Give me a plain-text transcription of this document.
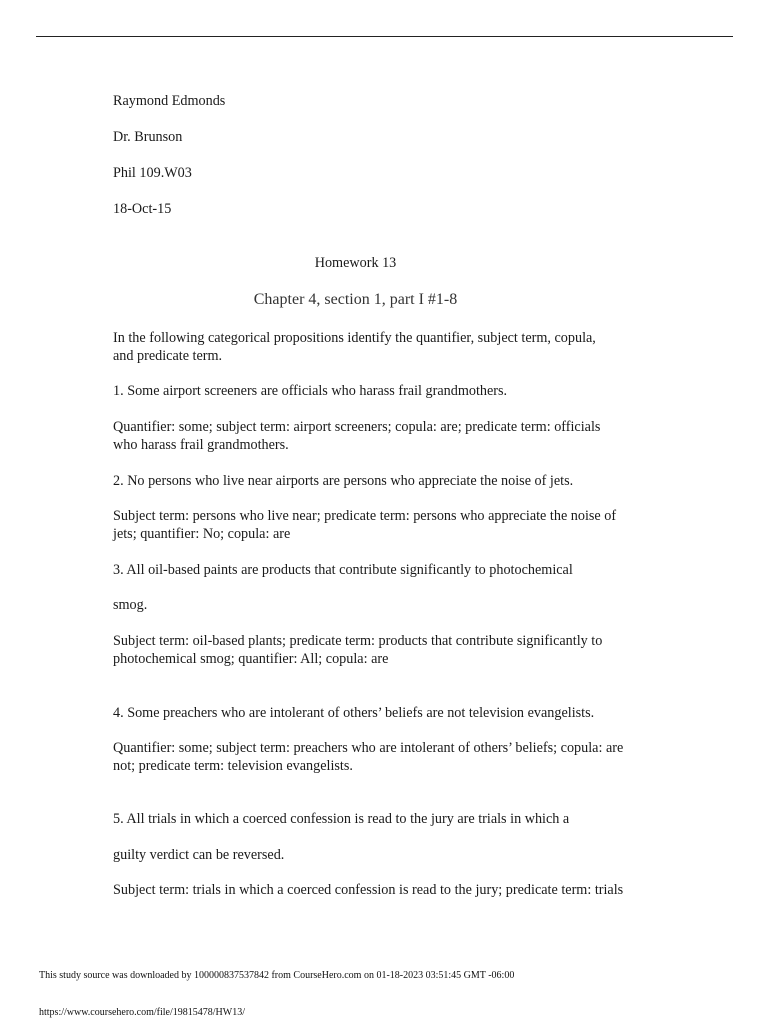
Raymond Edmonds
Dr. Brunson
Phil 109.W03
18-Oct-15
Homework 13
Chapter 4, section 1, part I #1-8
In the following categorical propositions identify the quantifier, subject term, copula,
and predicate term.
1. Some airport screeners are officials who harass frail grandmothers.
Quantifier: some; subject term: airport screeners; copula: are; predicate term: officials
who harass frail grandmothers.
2. No persons who live near airports are persons who appreciate the noise of jets.
Subject term: persons who live near; predicate term: persons who appreciate the noise of
jets; quantifier: No; copula: are
3. All oil-based paints are products that contribute significantly to photochemical
smog.
Subject term: oil-based plants; predicate term: products that contribute significantly to
photochemical smog; quantifier: All; copula: are
4. Some preachers who are intolerant of others’ beliefs are not television evangelists.
Quantifier: some; subject term: preachers who are intolerant of others’ beliefs; copula: are
not; predicate term: television evangelists.
5. All trials in which a coerced confession is read to the jury are trials in which a
guilty verdict can be reversed.
Subject term: trials in which a coerced confession is read to the jury; predicate term: trials
This study source was downloaded by 100000837537842 from CourseHero.com on 01-18-2023 03:51:45 GMT -06:00
https://www.coursehero.com/file/19815478/HW13/
